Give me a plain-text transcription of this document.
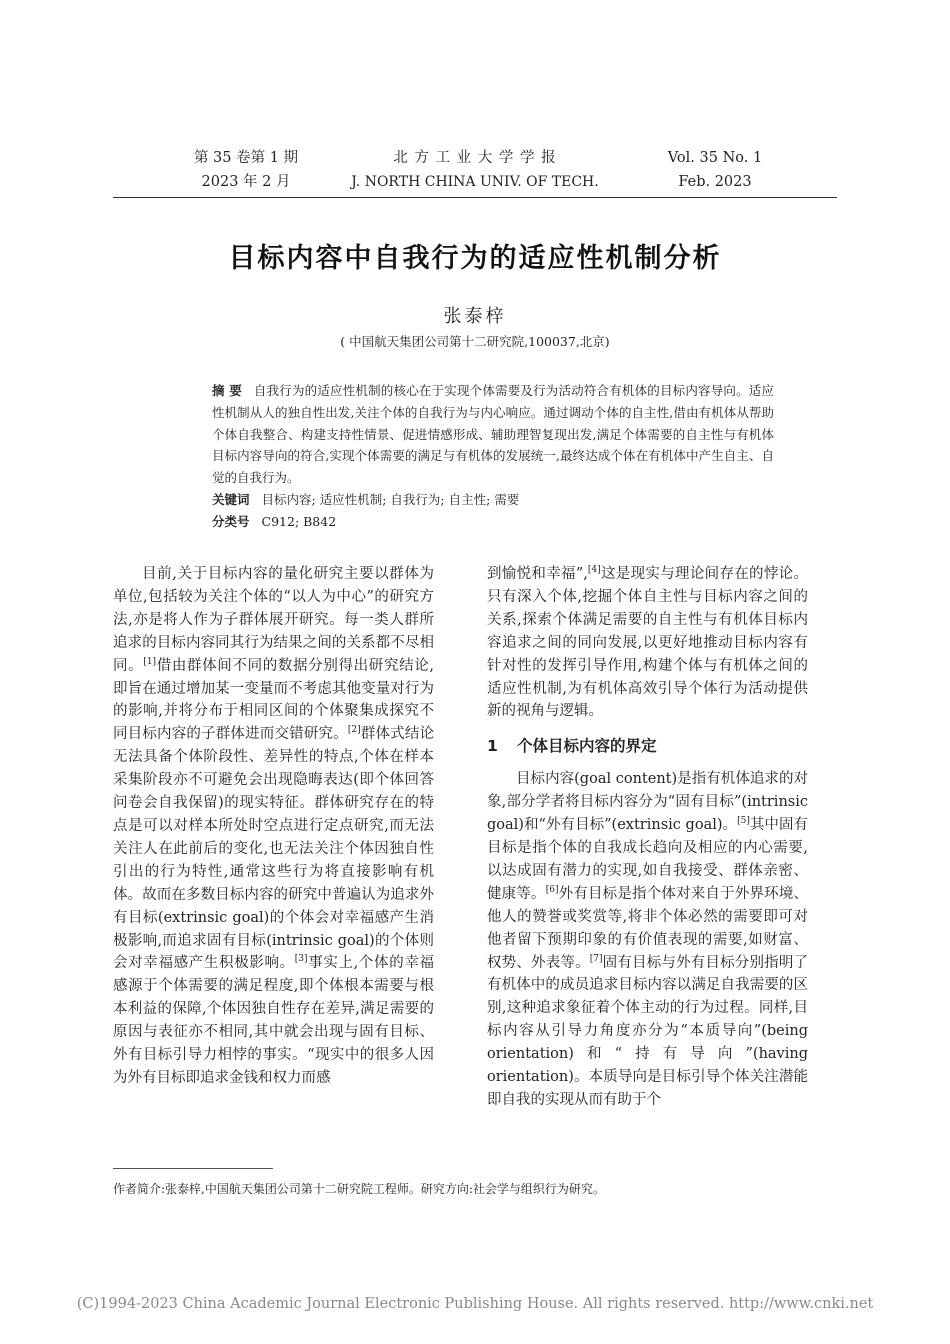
第 35 卷第 1 期
2023 年 2 月
北 方 工 业 大 学 学 报
J. NORTH CHINA UNIV. OF TECH.
Vol. 35 No. 1
Feb. 2023
目标内容中自我行为的适应性机制分析
张泰梓
( 中国航天集团公司第十二研究院,100037,北京)

摘 要 自我行为的适应性机制的核心在于实现个体需要及行为活动符合有机体的目标内容导向。适应性机制从人的独自性出发,关注个体的自我行为与内心响应。通过调动个体的自主性,借由有机体从帮助个体自我整合、构建支持性情景、促进情感形成、辅助理智复现出发,满足个体需要的自主性与有机体目标内容导向的符合,实现个体需要的满足与有机体的发展统一,最终达成个体在有机体中产生自主、自觉的自我行为。

关键词 目标内容; 适应性机制; 自我行为; 自主性; 需要

分类号 C912; B842

目前,关于目标内容的量化研究主要以群体为单位,包括较为关注个体的“以人为中心”的研究方法,亦是将人作为子群体展开研究。每一类人群所追求的目标内容同其行为结果之间的关系都不尽相同。[1]借由群体间不同的数据分别得出研究结论,即旨在通过增加某一变量而不考虑其他变量对行为的影响,并将分布于相同区间的个体聚集成探究不同目标内容的子群体进而交错研究。[2]群体式结论无法具备个体阶段性、差异性的特点,个体在样本采集阶段亦不可避免会出现隐晦表达(即个体回答问卷会自我保留)的现实特征。群体研究存在的特点是可以对样本所处时空点进行定点研究,而无法关注人在此前后的变化,也无法关注个体因独自性引出的行为特性,通常这些行为将直接影响有机体。故而在多数目标内容的研究中普遍认为追求外有目标(extrinsic goal)的个体会对幸福感产生消极影响,而追求固有目标(intrinsic goal)的个体则会对幸福感产生积极影响。[3]事实上,个体的幸福感源于个体需要的满足程度,即个体根本需要与根本利益的保障,个体因独自性存在差异,满足需要的原因与表征亦不相同,其中就会出现与固有目标、外有目标引导力相悖的事实。“现实中的很多人因为外有目标即追求金钱和权力而感

到愉悦和幸福”,[4]这是现实与理论间存在的悖论。只有深入个体,挖掘个体自主性与目标内容之间的关系,探索个体满足需要的自主性与有机体目标内容追求之间的同向发展,以更好地推动目标内容有针对性的发挥引导作用,构建个体与有机体之间的适应性机制,为有机体高效引导个体行为活动提供新的视角与逻辑。

1 个体目标内容的界定

目标内容(goal content)是指有机体追求的对象,部分学者将目标内容分为“固有目标”(intrinsic goal)和“外有目标”(extrinsic goal)。[5]其中固有目标是指个体的自我成长趋向及相应的内心需要,以达成固有潜力的实现,如自我接受、群体亲密、健康等。[6]外有目标是指个体对来自于外界环境、他人的赞誉或奖赏等,将非个体必然的需要即可对他者留下预期印象的有价值表现的需要,如财富、权势、外表等。[7]固有目标与外有目标分别指明了有机体中的成员追求目标内容以满足自我需要的区别,这种追求象征着个体主动的行为过程。同样,目标内容从引导力角度亦分为“本质导向”(being orientation)和“持有导向”(having orientation)。本质导向是目标引导个体关注潜能即自我的实现从而有助于个

作者简介:张泰梓,中国航天集团公司第十二研究院工程师。研究方向:社会学与组织行为研究。
(C)1994-2023 China Academic Journal Electronic Publishing House. All rights reserved. http://www.cnki.net
